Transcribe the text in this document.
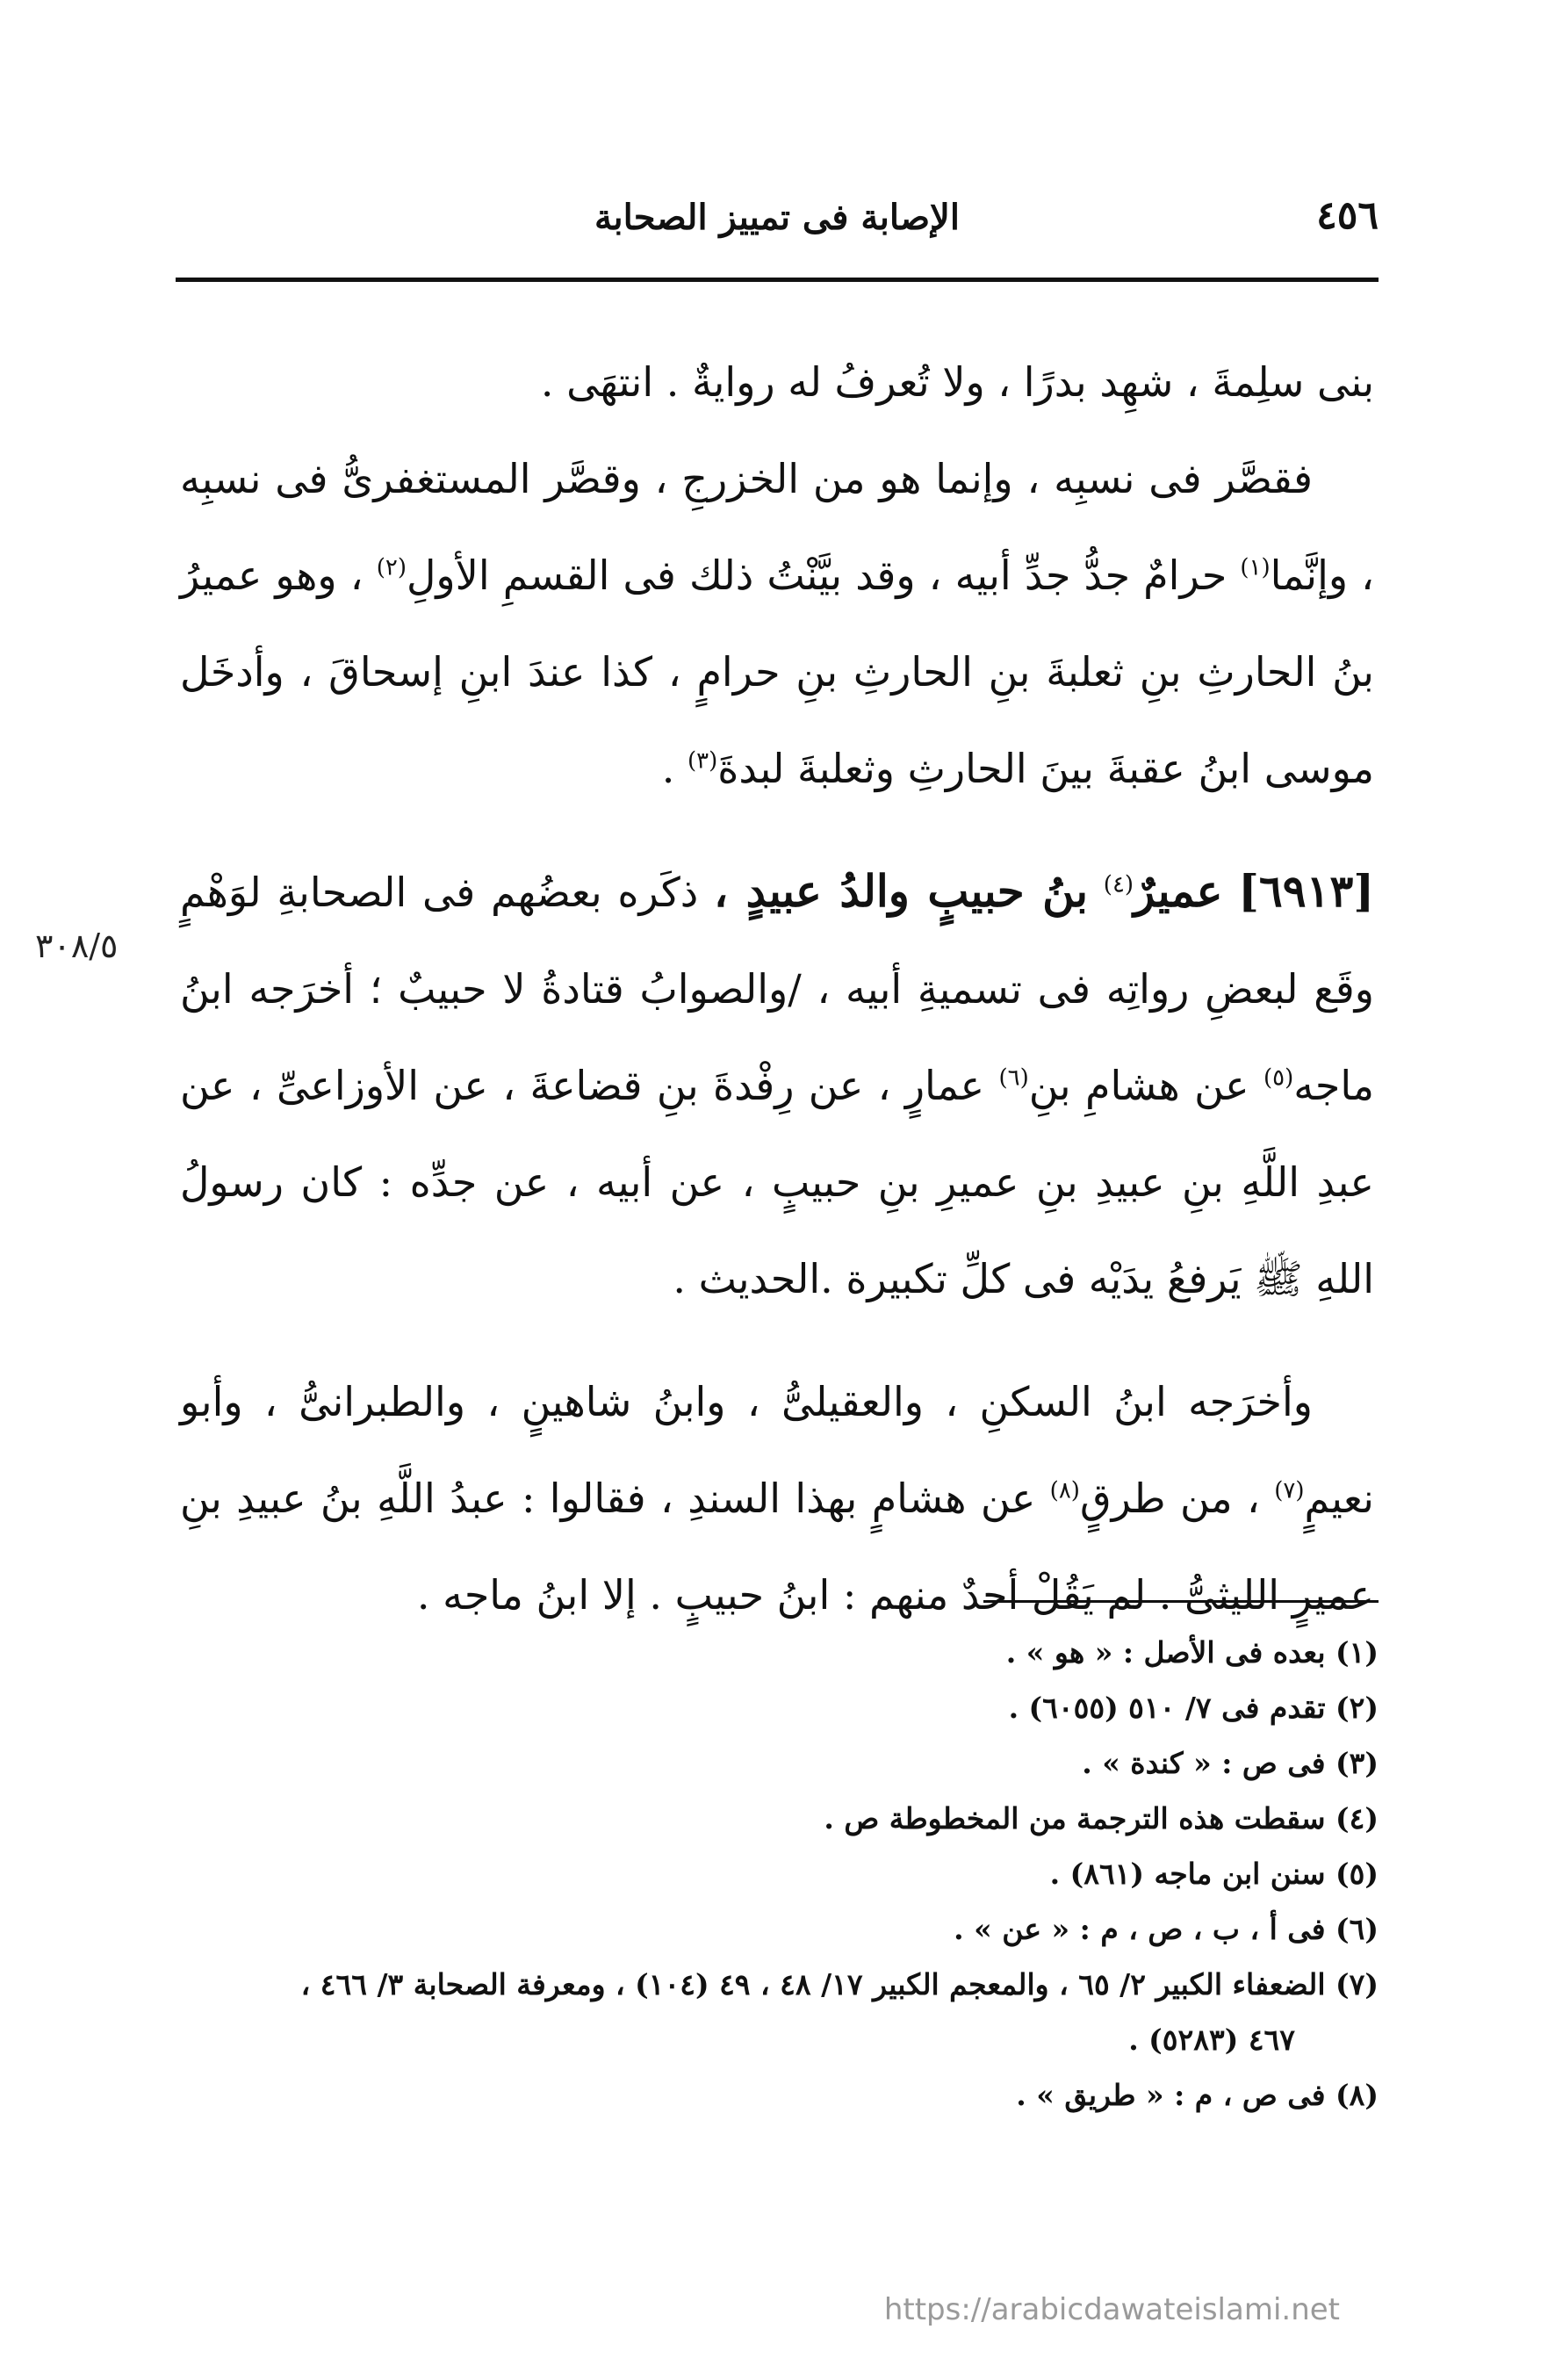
٤٥٦
الإصابة فى تمييز الصحابة

بنى سلِمةَ ، شهِد بدرًا ، ولا تُعرفُ له روايةٌ . انتهَى .

فقصَّر فى نسبِه ، وإنما هو من الخزرجِ ، وقصَّر المستغفرىُّ فى نسبِه ، وإنَّما$^{(١)}$ حرامٌ جدُّ جدِّ أبيه ، وقد بيَّنْتُ ذلك فى القسمِ الأولِ$^{(٢)}$ ، وهو عميرُ بنُ الحارثِ بنِ ثعلبةَ بنِ الحارثِ بنِ حرامٍ ، كذا عندَ ابنِ إسحاقَ ، وأدخَل موسى ابنُ عقبةَ بينَ الحارثِ وثعلبةَ لبدةَ$^{(٣)}$ .

[٦٩١٣] عميرٌ$^{(٤)}$ بنُ حبيبٍ والدُ عبيدٍ ، ذكَره بعضُهم فى الصحابةِ لوَهْمٍ وقَع لبعضِ رواتِه فى تسميةِ أبيه ، /والصوابُ قتادةُ لا حبيبٌ ؛ أخرَجه ابنُ ماجه$^{(٥)}$ عن هشامِ بنِ$^{(٦)}$ عمارٍ ، عن رِفْدةَ بنِ قضاعةَ ، عن الأوزاعىِّ ، عن عبدِ اللَّهِ بنِ عبيدِ بنِ عميرِ بنِ حبيبٍ ، عن أبيه ، عن جدِّه : كان رسولُ اللهِ ﷺ يَرفعُ يدَيْه فى كلِّ تكبيرة .الحديث .

وأخرَجه ابنُ السكنِ ، والعقيلىُّ ، وابنُ شاهينٍ ، والطبرانىُّ ، وأبو نعيمٍ$^{(٧)}$ ، من طرقٍ$^{(٨)}$ عن هشامٍ بهذا السندِ ، فقالوا : عبدُ اللَّهِ بنُ عبيدِ بنِ عميرٍ الليثىُّ . لم يَقُلْ أحدٌ منهم : ابنُ حبيبٍ . إلا ابنُ ماجه .

٣٠٨/٥

(١) بعده فى الأصل : « هو » .

(٢) تقدم فى ٧/ ٥١٠ (٦٠٥٥) .

(٣) فى ص : « كندة » .

(٤) سقطت هذه الترجمة من المخطوطة ص .

(٥) سنن ابن ماجه (٨٦١) .

(٦) فى أ ، ب ، ص ، م : « عن » .

(٧) الضعفاء الكبير ٢/ ٦٥ ، والمعجم الكبير ١٧/ ٤٨ ، ٤٩ (١٠٤) ، ومعرفة الصحابة ٣/ ٤٦٦ ،

٤٦٧ (٥٢٨٣) .

(٨) فى ص ، م : « طريق » .

https://arabicdawateislami.net
